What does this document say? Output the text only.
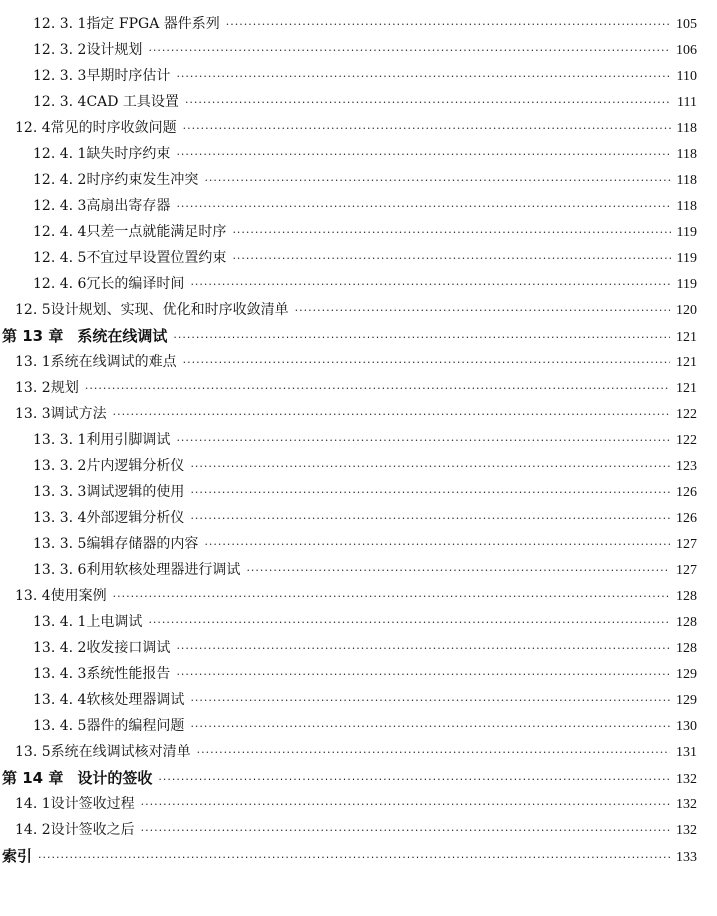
12. 3. 1 指定 FPGA 器件系列 ·····	105
12. 3. 2 设计规划 ·····	106
12. 3. 3 早期时序估计 ·····	110
12. 3. 4 CAD 工具设置 ·····	111
12. 4 常见的时序收敛问题 ·····	118
12. 4. 1 缺失时序约束 ·····	118
12. 4. 2 时序约束发生冲突 ·····	118
12. 4. 3 高扇出寄存器 ·····	118
12. 4. 4 只差一点就能满足时序 ·····	119
12. 4. 5 不宜过早设置位置约束 ·····	119
12. 4. 6 冗长的编译时间 ·····	119
12. 5 设计规划、实现、优化和时序收敛清单 ·····	120
第 13 章 系统在线调试 ·····	121
13. 1 系统在线调试的难点 ·····	121
13. 2 规划 ·····	121
13. 3 调试方法 ·····	122
13. 3. 1 利用引脚调试 ·····	122
13. 3. 2 片内逻辑分析仪 ·····	123
13. 3. 3 调试逻辑的使用 ·····	126
13. 3. 4 外部逻辑分析仪 ·····	126
13. 3. 5 编辑存储器的内容 ·····	127
13. 3. 6 利用软核处理器进行调试 ·····	127
13. 4 使用案例 ·····	128
13. 4. 1 上电调试 ·····	128
13. 4. 2 收发接口调试 ·····	128
13. 4. 3 系统性能报告 ·····	129
13. 4. 4 软核处理器调试 ·····	129
13. 4. 5 器件的编程问题 ·····	130
13. 5 系统在线调试核对清单 ·····	131
第 14 章 设计的签收 ·····	132
14. 1 设计签收过程 ·····	132
14. 2 设计签收之后 ·····	132
索引 ·····	133
